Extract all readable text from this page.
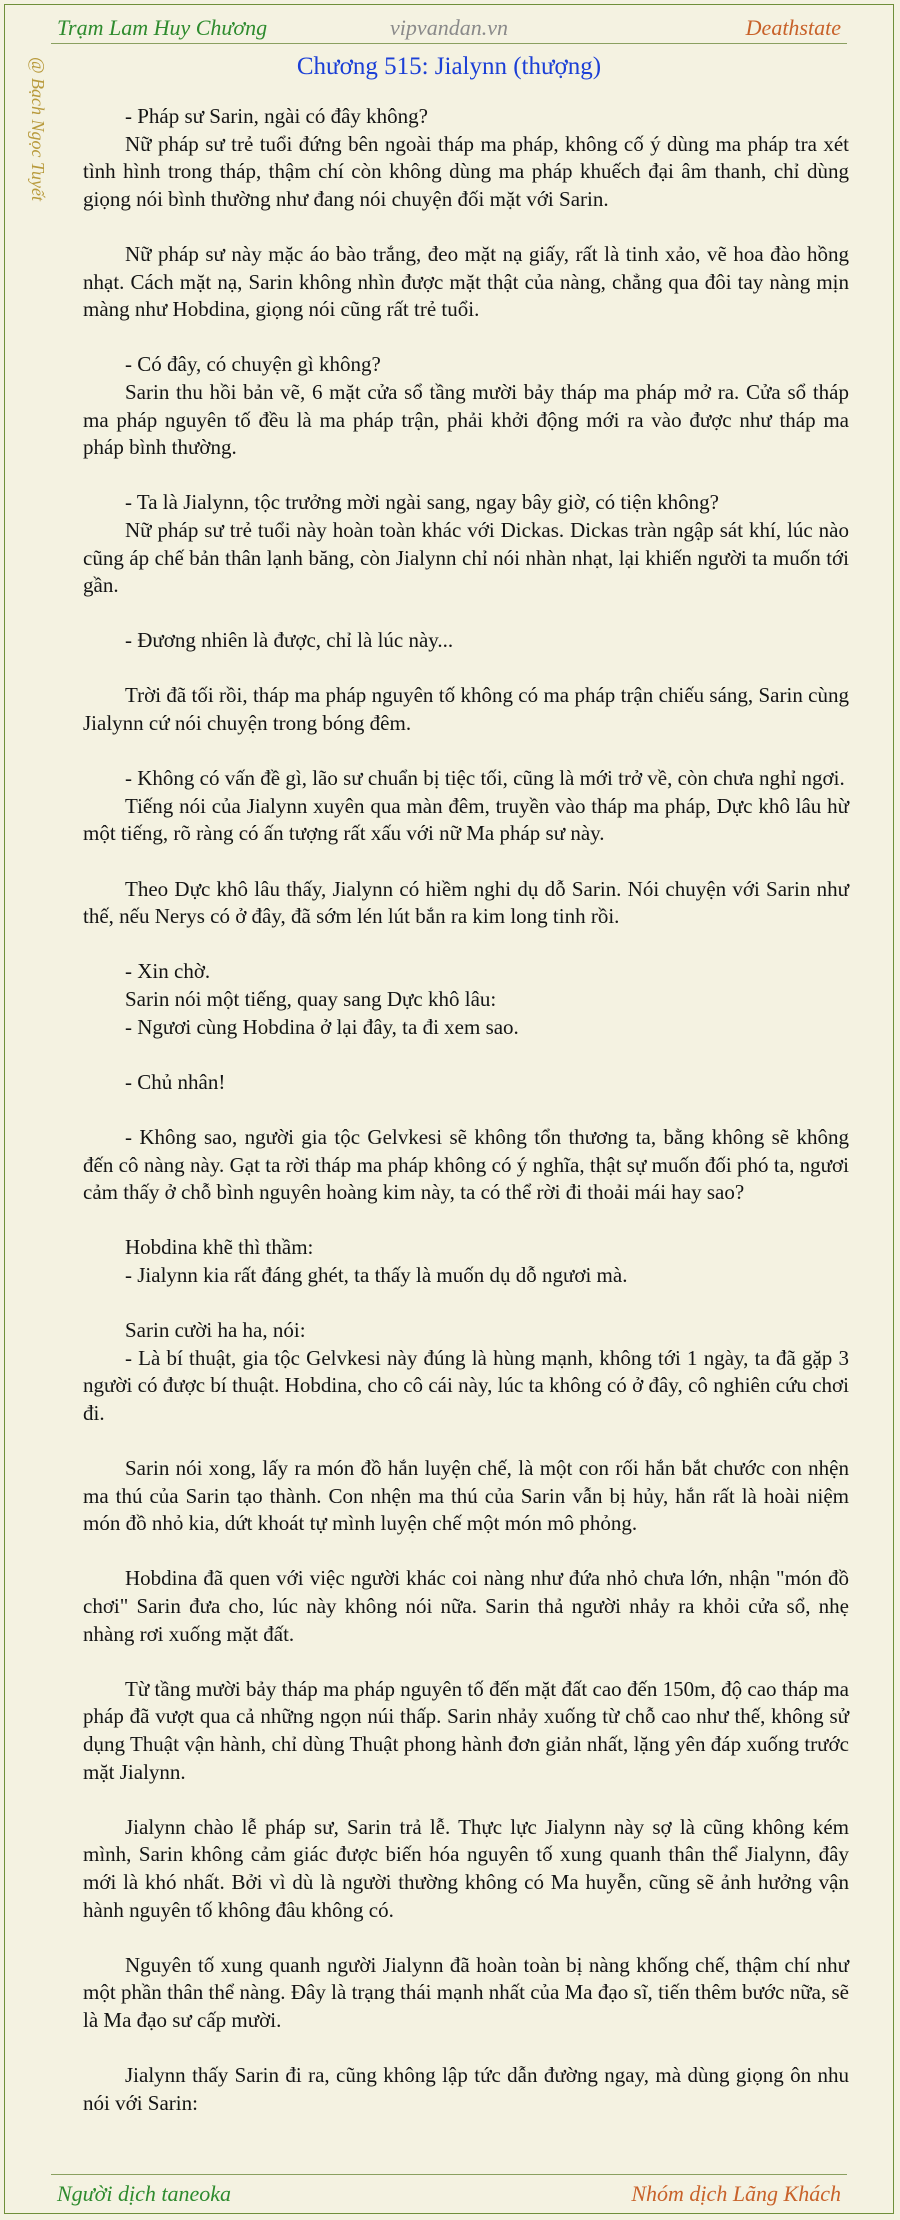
Trạm Lam Huy Chương	vipvandan.vn	Deathstate
@ Bạch Ngọc Tuyết	Chương 515: Jialynn (thượng)

- Pháp sư Sarin, ngài có đây không?

Nữ pháp sư trẻ tuổi đứng bên ngoài tháp ma pháp, không cố ý dùng ma pháp tra xét tình hình trong tháp, thậm chí còn không dùng ma pháp khuếch đại âm thanh, chỉ dùng giọng nói bình thường như đang nói chuyện đối mặt với Sarin.

Nữ pháp sư này mặc áo bào trắng, đeo mặt nạ giấy, rất là tinh xảo, vẽ hoa đào hồng nhạt. Cách mặt nạ, Sarin không nhìn được mặt thật của nàng, chẳng qua đôi tay nàng mịn màng như Hobdina, giọng nói cũng rất trẻ tuổi.

- Có đây, có chuyện gì không?

Sarin thu hồi bản vẽ, 6 mặt cửa sổ tầng mười bảy tháp ma pháp mở ra. Cửa sổ tháp ma pháp nguyên tố đều là ma pháp trận, phải khởi động mới ra vào được như tháp ma pháp bình thường.

- Ta là Jialynn, tộc trưởng mời ngài sang, ngay bây giờ, có tiện không?

Nữ pháp sư trẻ tuổi này hoàn toàn khác với Dickas. Dickas tràn ngập sát khí, lúc nào cũng áp chế bản thân lạnh băng, còn Jialynn chỉ nói nhàn nhạt, lại khiến người ta muốn tới gần.

- Đương nhiên là được, chỉ là lúc này...

Trời đã tối rồi, tháp ma pháp nguyên tố không có ma pháp trận chiếu sáng, Sarin cùng Jialynn cứ nói chuyện trong bóng đêm.

- Không có vấn đề gì, lão sư chuẩn bị tiệc tối, cũng là mới trở về, còn chưa nghỉ ngơi.

Tiếng nói của Jialynn xuyên qua màn đêm, truyền vào tháp ma pháp, Dực khô lâu hừ một tiếng, rõ ràng có ấn tượng rất xấu với nữ Ma pháp sư này.

Theo Dực khô lâu thấy, Jialynn có hiềm nghi dụ dỗ Sarin. Nói chuyện với Sarin như thế, nếu Nerys có ở đây, đã sớm lén lút bắn ra kim long tinh rồi.

- Xin chờ.

Sarin nói một tiếng, quay sang Dực khô lâu:

- Ngươi cùng Hobdina ở lại đây, ta đi xem sao.

- Chủ nhân!

- Không sao, người gia tộc Gelvkesi sẽ không tổn thương ta, bằng không sẽ không đến cô nàng này. Gạt ta rời tháp ma pháp không có ý nghĩa, thật sự muốn đối phó ta, ngươi cảm thấy ở chỗ bình nguyên hoàng kim này, ta có thể rời đi thoải mái hay sao?

Hobdina khẽ thì thầm:

- Jialynn kia rất đáng ghét, ta thấy là muốn dụ dỗ ngươi mà.

Sarin cười ha ha, nói:

- Là bí thuật, gia tộc Gelvkesi này đúng là hùng mạnh, không tới 1 ngày, ta đã gặp 3 người có được bí thuật. Hobdina, cho cô cái này, lúc ta không có ở đây, cô nghiên cứu chơi đi.

Sarin nói xong, lấy ra món đồ hắn luyện chế, là một con rối hắn bắt chước con nhện ma thú của Sarin tạo thành. Con nhện ma thú của Sarin vẫn bị hủy, hắn rất là hoài niệm món đồ nhỏ kia, dứt khoát tự mình luyện chế một món mô phỏng.

Hobdina đã quen với việc người khác coi nàng như đứa nhỏ chưa lớn, nhận "món đồ chơi" Sarin đưa cho, lúc này không nói nữa. Sarin thả người nhảy ra khỏi cửa sổ, nhẹ nhàng rơi xuống mặt đất.

Từ tầng mười bảy tháp ma pháp nguyên tố đến mặt đất cao đến 150m, độ cao tháp ma pháp đã vượt qua cả những ngọn núi thấp. Sarin nhảy xuống từ chỗ cao như thế, không sử dụng Thuật vận hành, chỉ dùng Thuật phong hành đơn giản nhất, lặng yên đáp xuống trước mặt Jialynn.

Jialynn chào lễ pháp sư, Sarin trả lễ. Thực lực Jialynn này sợ là cũng không kém mình, Sarin không cảm giác được biến hóa nguyên tố xung quanh thân thể Jialynn, đây mới là khó nhất. Bởi vì dù là người thường không có Ma huyễn, cũng sẽ ảnh hưởng vận hành nguyên tố không đâu không có.

Nguyên tố xung quanh người Jialynn đã hoàn toàn bị nàng khống chế, thậm chí như một phần thân thể nàng. Đây là trạng thái mạnh nhất của Ma đạo sĩ, tiến thêm bước nữa, sẽ là Ma đạo sư cấp mười.

Jialynn thấy Sarin đi ra, cũng không lập tức dẫn đường ngay, mà dùng giọng ôn nhu nói với Sarin:

Người dịch taneoka	Nhóm dịch Lãng Khách
